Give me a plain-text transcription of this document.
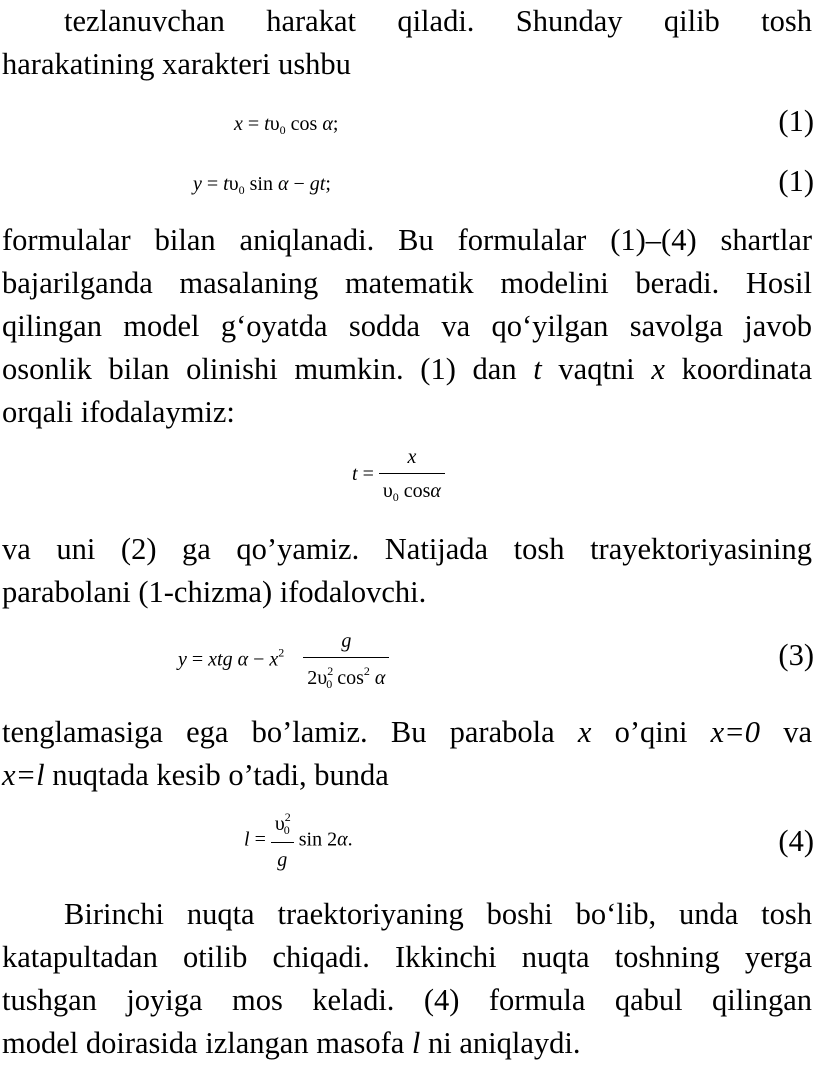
tezlanuvchan harakat qiladi. Shunday qilib tosh
harakatining xarakteri ushbu
$x = t\upsilon_0$ cos α;	(1)
$y = t\upsilon_0$ sin α − gt;	(1)
formulalar bilan aniqlanadi. Bu formulalar (1)–(4) shartlar
bajarilganda masalaning matematik modelini beradi. Hosil
qilingan model g‘oyatda sodda va qo‘yilgan savolga javob
osonlik bilan olinishi mumkin. (1) dan t vaqtni x koordinata
orqali ifodalaymiz:
$t = \frac{x}{\upsilon_0 \cos\alpha}$
va uni (2) ga qo’yamiz. Natijada tosh trayektoriyasining
parabolani (1-chizma) ifodalovchi.
y = xtg $\alpha - x^2 \frac{g}{2\upsilon^2_0 \cos^2 \alpha}$	(3)
tenglamasiga ega bo’lamiz. Bu parabola x o’qini x=0 va
x=l nuqtada kesib o’tadi, bunda
$l = \frac{\upsilon^2_0}{g}$ sin 2α.	(4)
Birinchi nuqta traektoriyaning boshi bo‘lib, unda tosh
katapultadan otilib chiqadi. Ikkinchi nuqta toshning yerga
tushgan joyiga mos keladi. (4) formula qabul qilingan
model doirasida izlangan masofa l ni aniqlaydi.
